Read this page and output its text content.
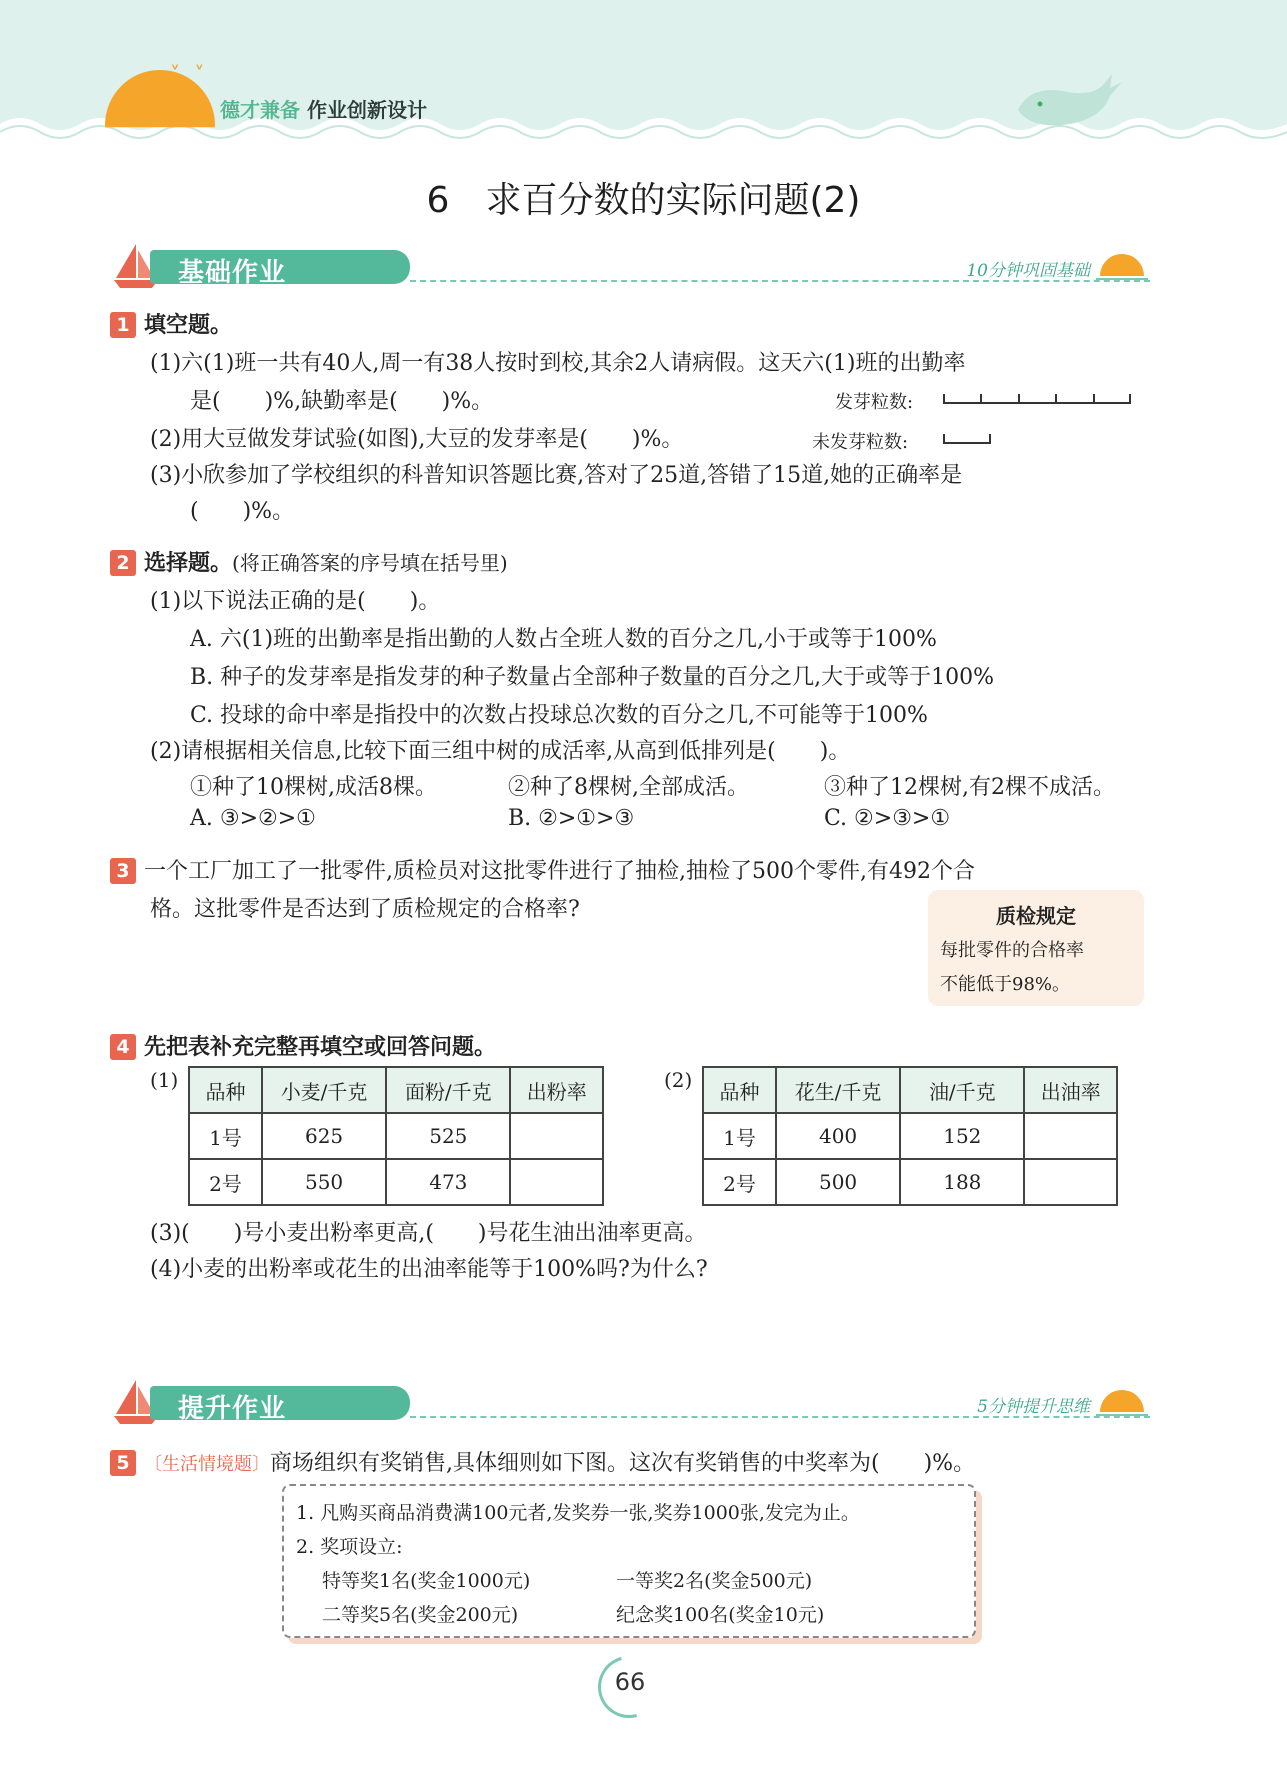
˅ ˅
德才兼备 作业创新设计
6　求百分数的实际问题(2)
基础作业	10分钟巩固基础
1 填空题。
(1)六(1)班一共有40人,周一有38人按时到校,其余2人请病假。这天六(1)班的出勤率
是(　　)%,缺勤率是(　　)%。
(2)用大豆做发芽试验(如图),大豆的发芽率是(　　)%。
(3)小欣参加了学校组织的科普知识答题比赛,答对了25道,答错了15道,她的正确率是
(　　)%。
发芽粒数:
未发芽粒数:
2 选择题。(将正确答案的序号填在括号里)
(1)以下说法正确的是(　　)。
A. 六(1)班的出勤率是指出勤的人数占全班人数的百分之几,小于或等于100%
B. 种子的发芽率是指发芽的种子数量占全部种子数量的百分之几,大于或等于100%
C. 投球的命中率是指投中的次数占投球总次数的百分之几,不可能等于100%
(2)请根据相关信息,比较下面三组中树的成活率,从高到低排列是(　　)。
①种了10棵树,成活8棵。	②种了8棵树,全部成活。	③种了12棵树,有2棵不成活。
A. ③>②>①	B. ②>①>③	C. ②>③>①
3 一个工厂加工了一批零件,质检员对这批零件进行了抽检,抽检了500个零件,有492个合
格。这批零件是否达到了质检规定的合格率?	质检规定
每批零件的合格率
不能低于98%。
4 先把表补充完整再填空或回答问题。
(1) 品种	小麦/千克	面粉/千克	出粉率
1号	625	525	
2号	550	473	
(2) 品种	花生/千克	油/千克	出油率
1号	400	152	
2号	500	188	
(3)(　　)号小麦出粉率更高,(　　)号花生油出油率更高。
(4)小麦的出粉率或花生的出油率能等于100%吗?为什么?
提升作业	5分钟提升思维
5 〔生活情境题〕商场组织有奖销售,具体细则如下图。这次有奖销售的中奖率为(　　)%。
1. 凡购买商品消费满100元者,发奖券一张,奖券1000张,发完为止。
2. 奖项设立:
特等奖1名(奖金1000元)	一等奖2名(奖金500元)
二等奖5名(奖金200元)	纪念奖100名(奖金10元)
66
